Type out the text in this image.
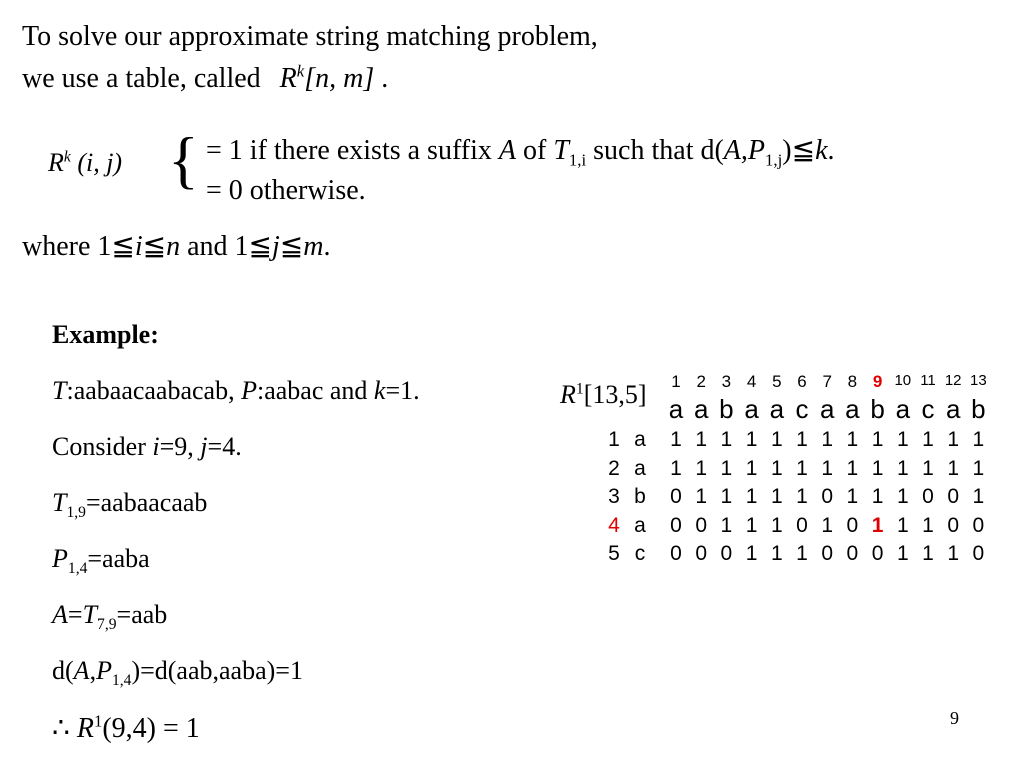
To solve our approximate string matching problem,
we use a table, called $R^k[n$, m] .
$R^k$ (i, j) { = 1 if there exists a suffix A of $T_{1,i}$ such that $d(A,P_{1,j})≦k$.
= 0 otherwise.
where 1≦i≦n and 1≦j≦m.
Example:
T:aabaacaabacab, P:aabac and k=1.
Consider i=9, j=4.
$T_{1,9}=aabaacaab$
$P_{1,4}=aaba$
$A=T_{7,9}=aab$
$d(A,P_{1,4})=d(aab,aaba)=1$
∴ $R^1(9,4) = 1$
$R^1[13,5]$	1 2 3 4 5 6 7 8 9 10 11 12 13
a a b a a c a a b a c a b
1 a 1 1 1 1 1 1 1 1 1 1 1 1 1
2 a 1 1 1 1 1 1 1 1 1 1 1 1 1
3 b 0 1 1 1 1 1 0 1 1 1 0 0 1
4 a 0 0 1 1 1 0 1 0 1 1 1 0 0
5 c	0 0 0 1 1 1 0 0 0 1 1 1 0
9
